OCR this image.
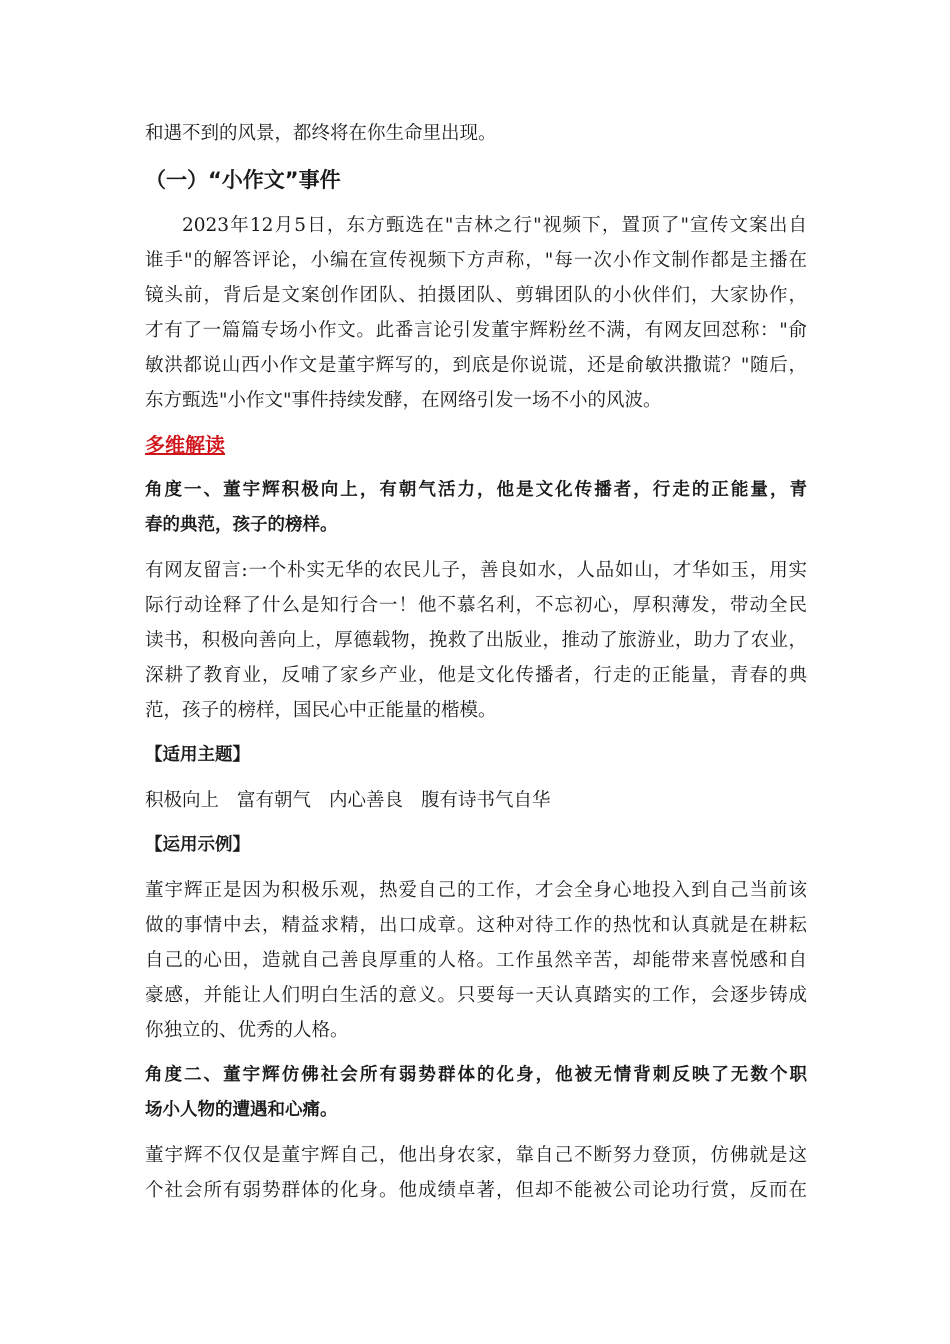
和遇不到的风景，都终将在你生命里出现。
（一）“小作文”事件
2023年12月5日，东方甄选在"吉林之行"视频下，置顶了"宣传文案出自
谁手"的解答评论，小编在宣传视频下方声称，"每一次小作文制作都是主播在
镜头前，背后是文案创作团队、拍摄团队、剪辑团队的小伙伴们，大家协作，
才有了一篇篇专场小作文。此番言论引发董宇辉粉丝不满，有网友回怼称："俞
敏洪都说山西小作文是董宇辉写的，到底是你说谎，还是俞敏洪撒谎？"随后，
东方甄选"小作文"事件持续发酵，在网络引发一场不小的风波。
多维解读
角度一、董宇辉积极向上，有朝气活力，他是文化传播者，行走的正能量，青
春的典范，孩子的榜样。
有网友留言:一个朴实无华的农民儿子，善良如水，人品如山，才华如玉，用实
际行动诠释了什么是知行合一！他不慕名利，不忘初心，厚积薄发，带动全民
读书，积极向善向上，厚德载物，挽救了出版业，推动了旅游业，助力了农业，
深耕了教育业，反哺了家乡产业，他是文化传播者，行走的正能量，青春的典
范，孩子的榜样，国民心中正能量的楷模。
【适用主题】
积极向上 富有朝气 内心善良 腹有诗书气自华
【运用示例】
董宇辉正是因为积极乐观，热爱自己的工作，才会全身心地投入到自己当前该
做的事情中去，精益求精，出口成章。这种对待工作的热忱和认真就是在耕耘
自己的心田，造就自己善良厚重的人格。工作虽然辛苦，却能带来喜悦感和自
豪感，并能让人们明白生活的意义。只要每一天认真踏实的工作，会逐步铸成
你独立的、优秀的人格。
角度二、董宇辉仿佛社会所有弱势群体的化身，他被无情背刺反映了无数个职
场小人物的遭遇和心痛。
董宇辉不仅仅是董宇辉自己，他出身农家，靠自己不断努力登顶，仿佛就是这
个社会所有弱势群体的化身。他成绩卓著，但却不能被公司论功行赏，反而在
